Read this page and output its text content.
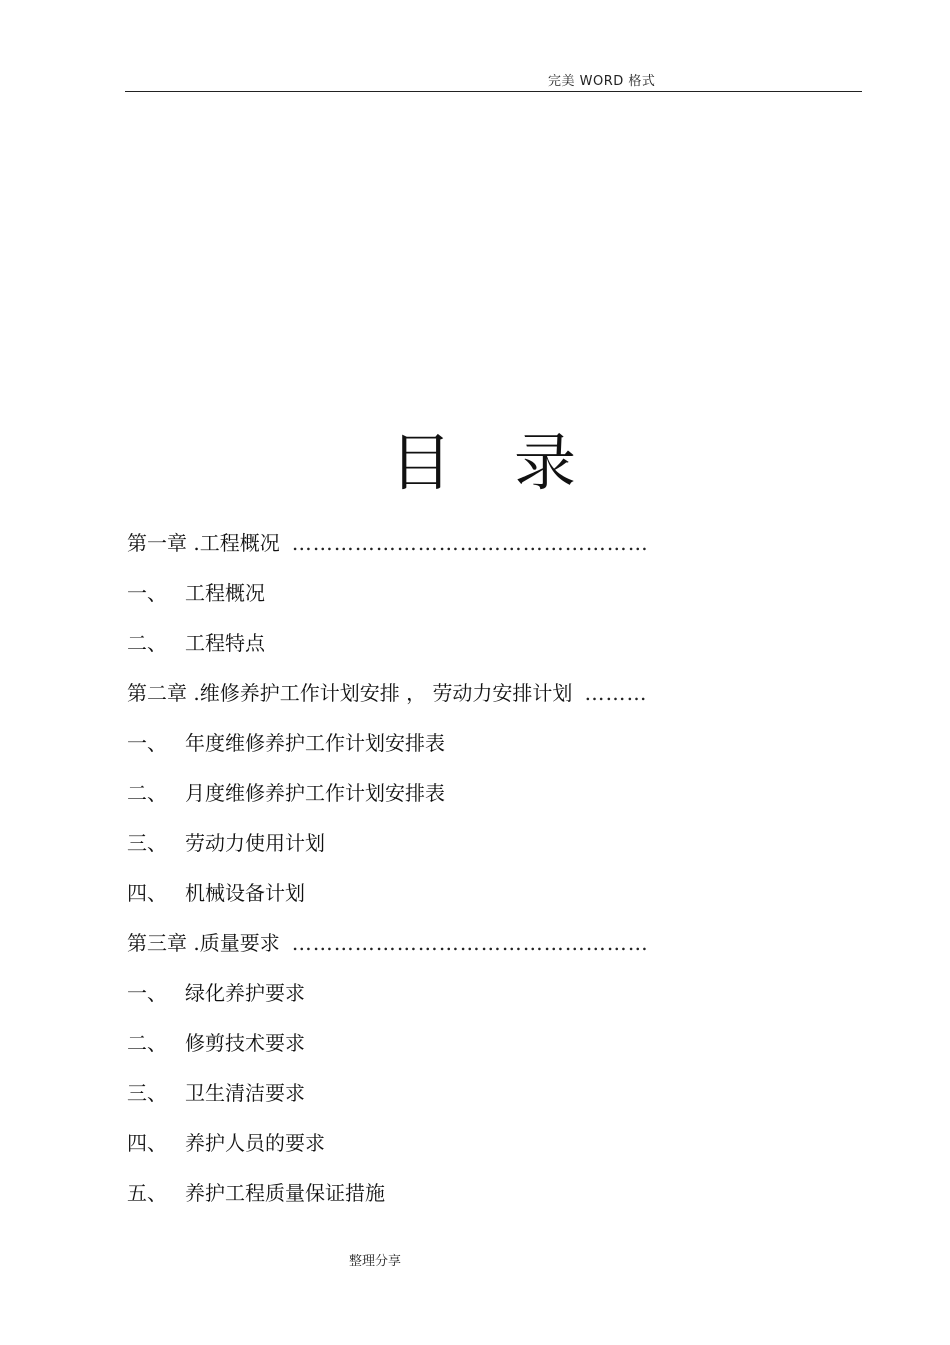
完美 WORD 格式
目录
第一章 . 工程概况 ……………………………………………
一、 工程概况
二、 工程特点
第二章 . 维修养护工作计划安排 ， 劳动力安排计划 ………
一、 年度维修养护工作计划安排表
二、 月度维修养护工作计划安排表
三、 劳动力使用计划
四、 机械设备计划
第三章 . 质量要求 ……………………………………………
一、 绿化养护要求
二、 修剪技术要求
三、 卫生清洁要求
四、 养护人员的要求
五、 养护工程质量保证措施
整理分享
